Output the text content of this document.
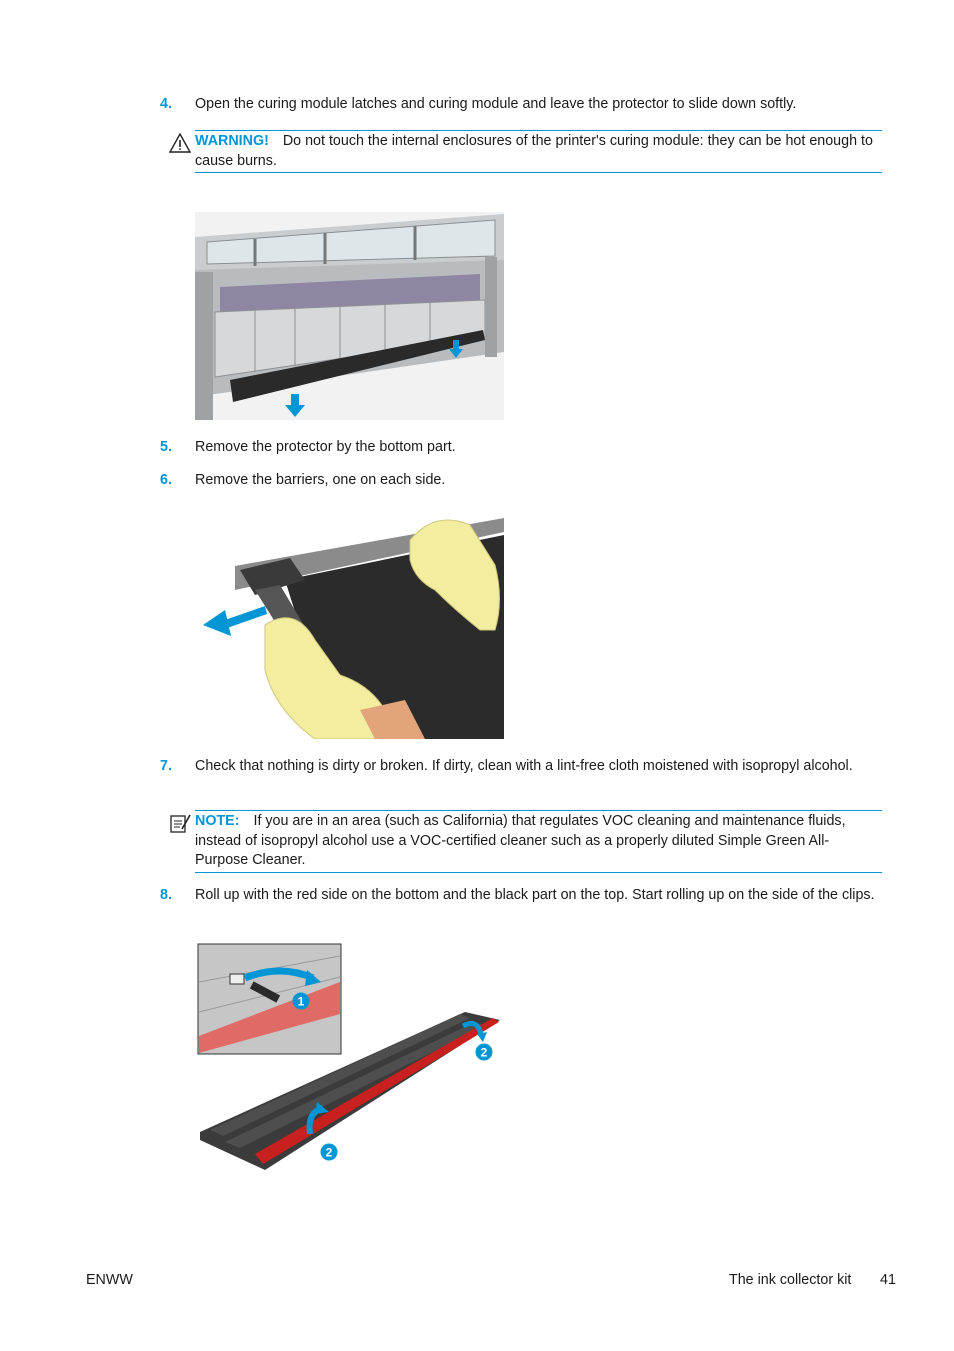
4. Open the curing module latches and curing module and leave the protector to slide down softly.
WARNING! Do not touch the internal enclosures of the printer's curing module: they can be hot enough to cause burns.
5. Remove the protector by the bottom part.
6. Remove the barriers, one on each side.
7. Check that nothing is dirty or broken. If dirty, clean with a lint-free cloth moistened with isopropyl alcohol.
NOTE: If you are in an area (such as California) that regulates VOC cleaning and maintenance fluids, instead of isopropyl alcohol use a VOC-certified cleaner such as a properly diluted Simple Green All-Purpose Cleaner.
8. Roll up with the red side on the bottom and the black part on the top. Start rolling up on the side of the clips.
1
2
2
ENWW	The ink collector kit 41
